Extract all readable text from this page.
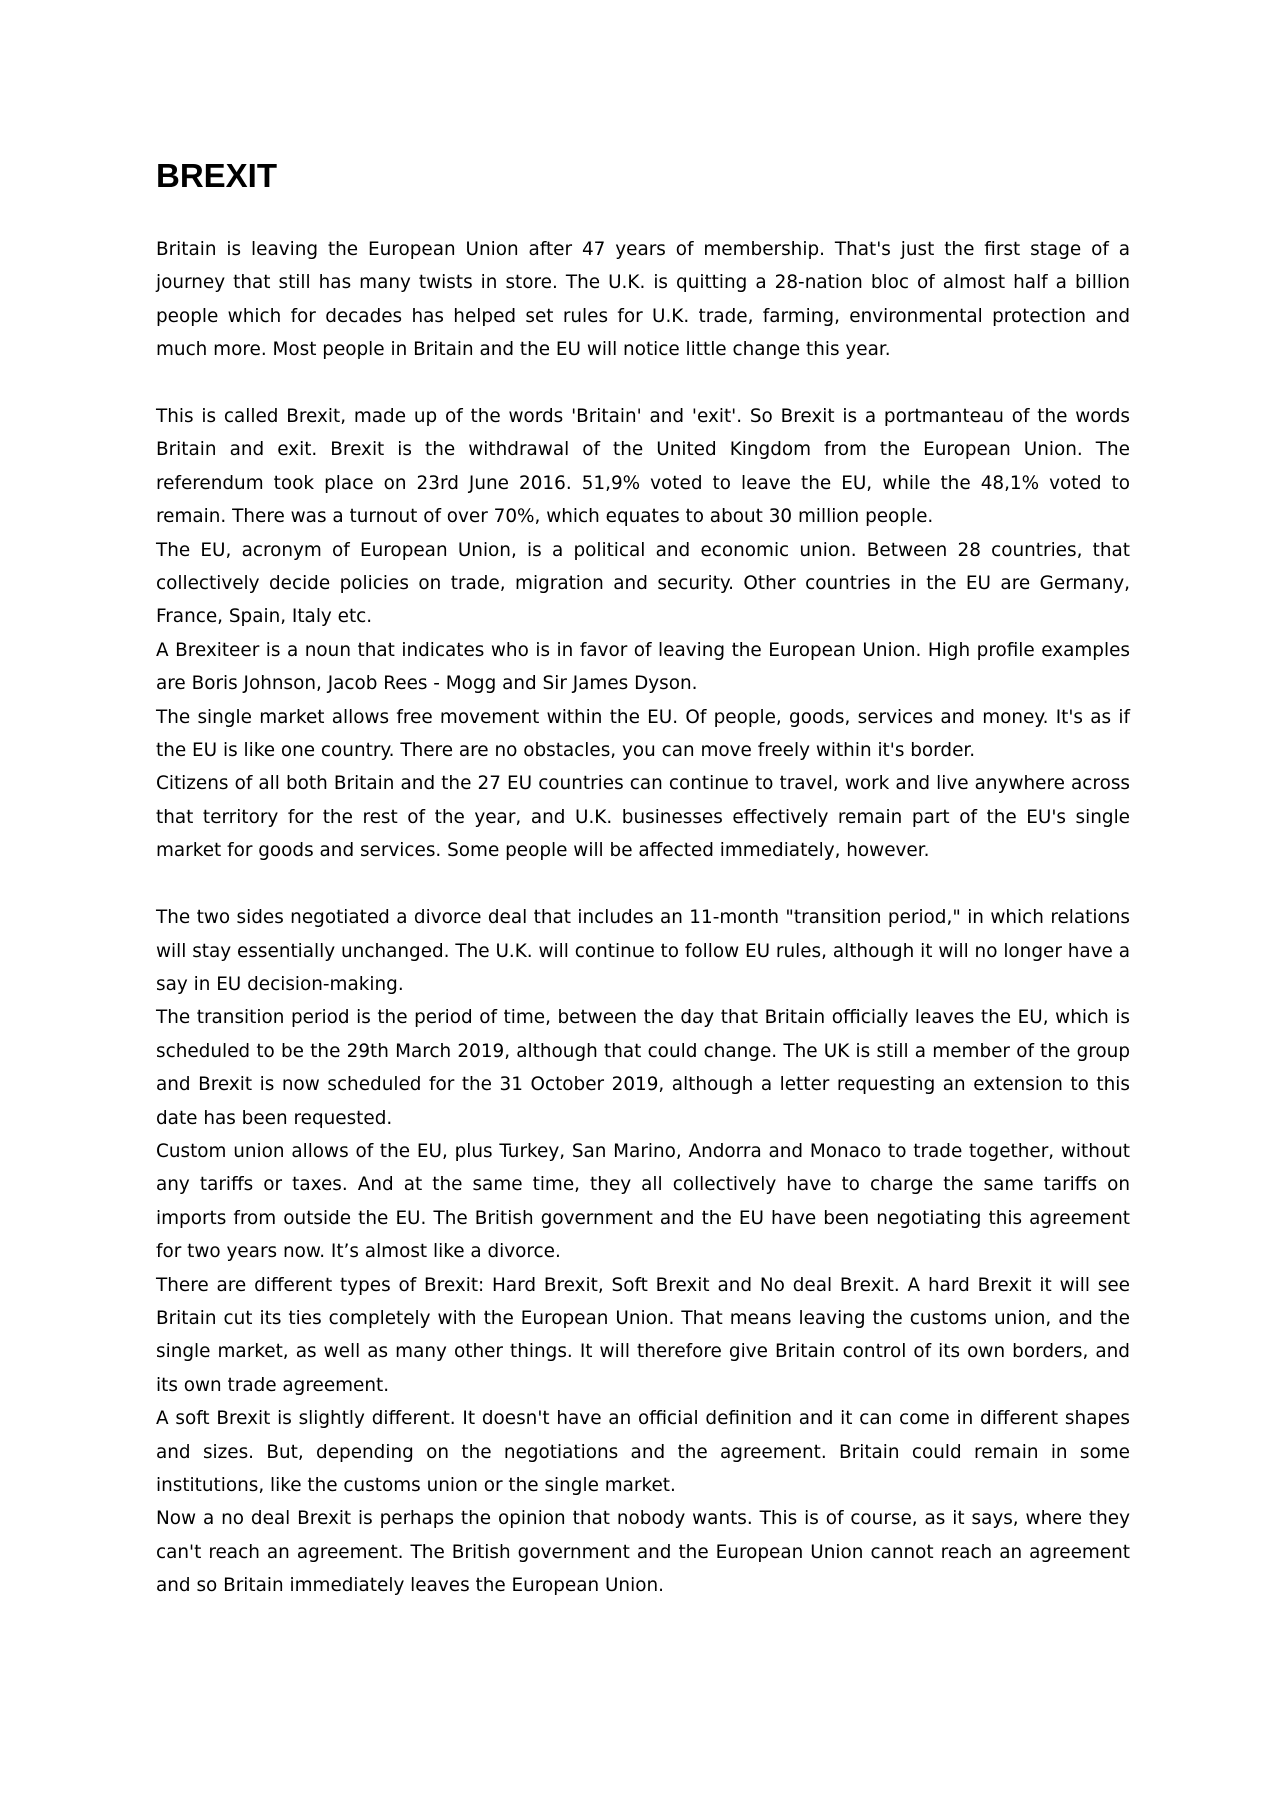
BREXIT

Britain is leaving the European Union after 47 years of membership. That's just the first stage of a journey that still has many twists in store. The U.K. is quitting a 28-nation bloc of almost half a billion people which for decades has helped set rules for U.K. trade, farming, environmental protection and much more. Most people in Britain and the EU will notice little change this year.

This is called Brexit, made up of the words 'Britain' and 'exit'. So Brexit is a portmanteau of the words Britain and exit. Brexit is the withdrawal of the United Kingdom from the European Union. The referendum took place on 23rd June 2016. 51,9% voted to leave the EU, while the 48,1% voted to remain. There was a turnout of over 70%, which equates to about 30 million people.

The EU, acronym of European Union, is a political and economic union. Between 28 countries, that collectively decide policies on trade, migration and security. Other countries in the EU are Germany, France, Spain, Italy etc.

A Brexiteer is a noun that indicates who is in favor of leaving the European Union. High profile examples are Boris Johnson, Jacob Rees - Mogg and Sir James Dyson.

The single market allows free movement within the EU. Of people, goods, services and money. It's as if the EU is like one country. There are no obstacles, you can move freely within it's border.

Citizens of all both Britain and the 27 EU countries can continue to travel, work and live anywhere across that territory for the rest of the year, and U.K. businesses effectively remain part of the EU's single market for goods and services. Some people will be affected immediately, however.

The two sides negotiated a divorce deal that includes an 11-month "transition period," in which relations will stay essentially unchanged. The U.K. will continue to follow EU rules, although it will no longer have a say in EU decision-making.

The transition period is the period of time, between the day that Britain officially leaves the EU, which is scheduled to be the 29th March 2019, although that could change. The UK is still a member of the group and Brexit is now scheduled for the 31 October 2019, although a letter requesting an extension to this date has been requested.

Custom union allows of the EU, plus Turkey, San Marino, Andorra and Monaco to trade together, without any tariffs or taxes. And at the same time, they all collectively have to charge the same tariffs on imports from outside the EU. The British government and the EU have been negotiating this agreement for two years now. It’s almost like a divorce.

There are different types of Brexit: Hard Brexit, Soft Brexit and No deal Brexit. A hard Brexit it will see Britain cut its ties completely with the European Union. That means leaving the customs union, and the single market, as well as many other things. It will therefore give Britain control of its own borders, and its own trade agreement.

A soft Brexit is slightly different. It doesn't have an official definition and it can come in different shapes and sizes. But, depending on the negotiations and the agreement. Britain could remain in some institutions, like the customs union or the single market.

Now a no deal Brexit is perhaps the opinion that nobody wants. This is of course, as it says, where they can't reach an agreement. The British government and the European Union cannot reach an agreement and so Britain immediately leaves the European Union.
